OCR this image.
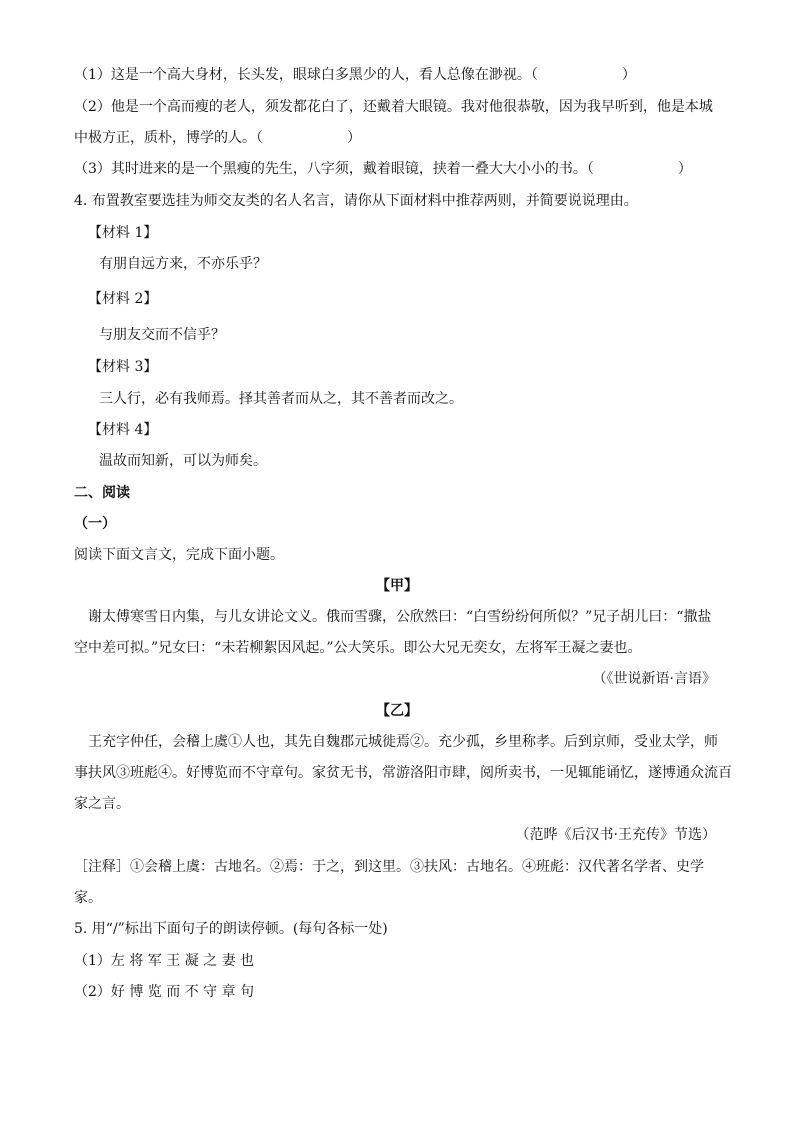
（1）这是一个高大身材，长头发，眼球白多黑少的人，看人总像在渺视。（　　　　　　）
（2）他是一个高而瘦的老人，须发都花白了，还戴着大眼镜。我对他很恭敬，因为我早听到，他是本城
中极方正，质朴，博学的人。（　　　　　　）
（3）其时进来的是一个黑瘦的先生，八字须，戴着眼镜，挟着一叠大大小小的书。（　　　　　　）
4. 布置教室要选挂为师交友类的名人名言，请你从下面材料中推荐两则，并简要说说理由。
【材料 1】
有朋自远方来，不亦乐乎？
【材料 2】
与朋友交而不信乎？
【材料 3】
三人行，必有我师焉。择其善者而从之，其不善者而改之。
【材料 4】
温故而知新，可以为师矣。
二、阅读
（一）
阅读下面文言文，完成下面小题。
【甲】
谢太傅寒雪日内集，与儿女讲论文义。俄而雪骤，公欣然曰：“白雪纷纷何所似？”兄子胡儿曰：“撒盐
空中差可拟。”兄女曰：“未若柳絮因风起。”公大笑乐。即公大兄无奕女，左将军王凝之妻也。
（《世说新语·言语》
【乙】
王充字仲任，会稽上虞①人也，其先自魏郡元城徙焉②。充少孤，乡里称孝。后到京师，受业太学，师
事扶风③班彪④。好博览而不守章句。家贫无书，常游洛阳市肆，阅所卖书，一见辄能诵忆，遂博通众流百
家之言。
（范晔《后汉书·王充传》节选）
［注释］①会稽上虞：古地名。②焉：于之，到这里。③扶风：古地名。④班彪：汉代著名学者、史学
家。
5. 用“/”标出下面句子的朗读停顿。(每句各标一处)
（1）左 将 军 王 凝 之 妻 也
（2）好 博 览 而 不 守 章 句
